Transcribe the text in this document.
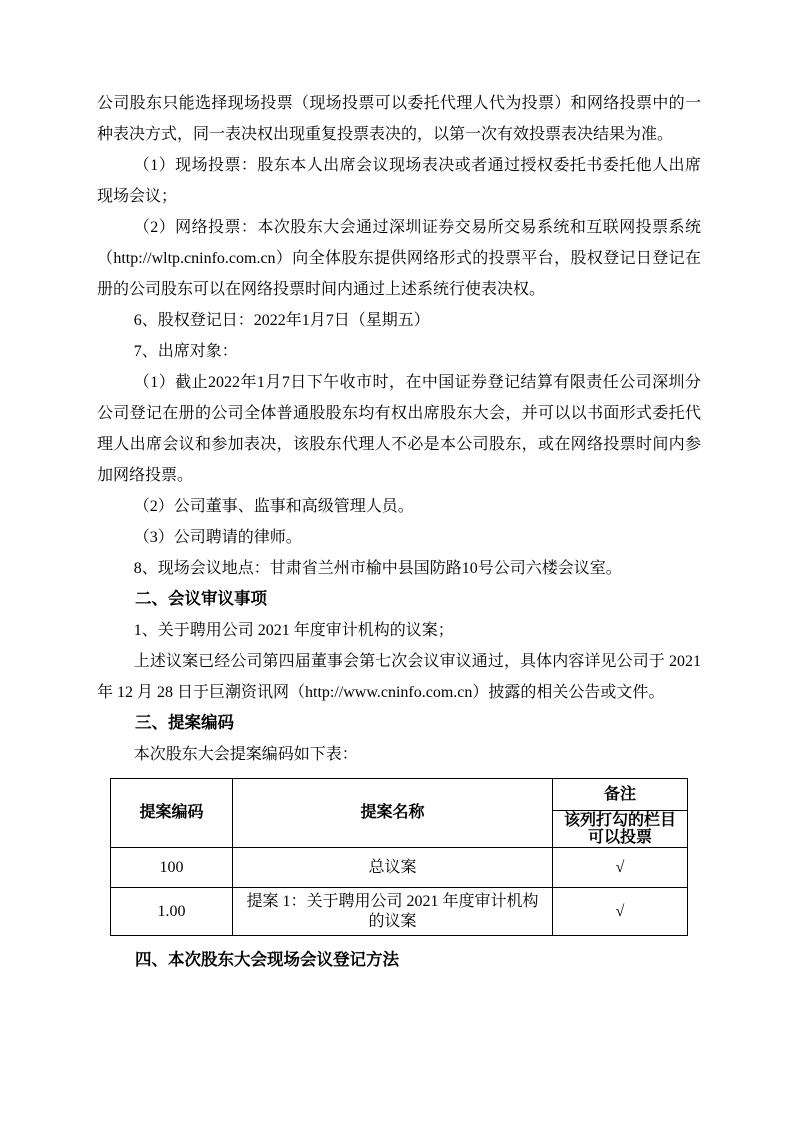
公司股东只能选择现场投票（现场投票可以委托代理人代为投票）和网络投票中的一种表决方式，同一表决权出现重复投票表决的，以第一次有效投票表决结果为准。

（1）现场投票：股东本人出席会议现场表决或者通过授权委托书委托他人出席现场会议；

（2）网络投票：本次股东大会通过深圳证券交易所交易系统和互联网投票系统（http://wltp.cninfo.com.cn）向全体股东提供网络形式的投票平台，股权登记日登记在册的公司股东可以在网络投票时间内通过上述系统行使表决权。

6、股权登记日：2022年1月7日（星期五）

7、出席对象：

（1）截止2022年1月7日下午收市时，在中国证券登记结算有限责任公司深圳分公司登记在册的公司全体普通股股东均有权出席股东大会，并可以以书面形式委托代理人出席会议和参加表决，该股东代理人不必是本公司股东，或在网络投票时间内参加网络投票。

（2）公司董事、监事和高级管理人员。

（3）公司聘请的律师。

8、现场会议地点：甘肃省兰州市榆中县国防路10号公司六楼会议室。

二、会议审议事项

1、关于聘用公司 2021 年度审计机构的议案；

上述议案已经公司第四届董事会第七次会议审议通过，具体内容详见公司于 2021 年 12 月 28 日于巨潮资讯网（http://www.cninfo.com.cn）披露的相关公告或文件。

三、提案编码

本次股东大会提案编码如下表：

提案编码	提案名称	备注
		该列打勾的栏目可以投票
100	总议案	√
1.00	提案 1：关于聘用公司 2021 年度审计机构的议案	√

四、本次股东大会现场会议登记方法
